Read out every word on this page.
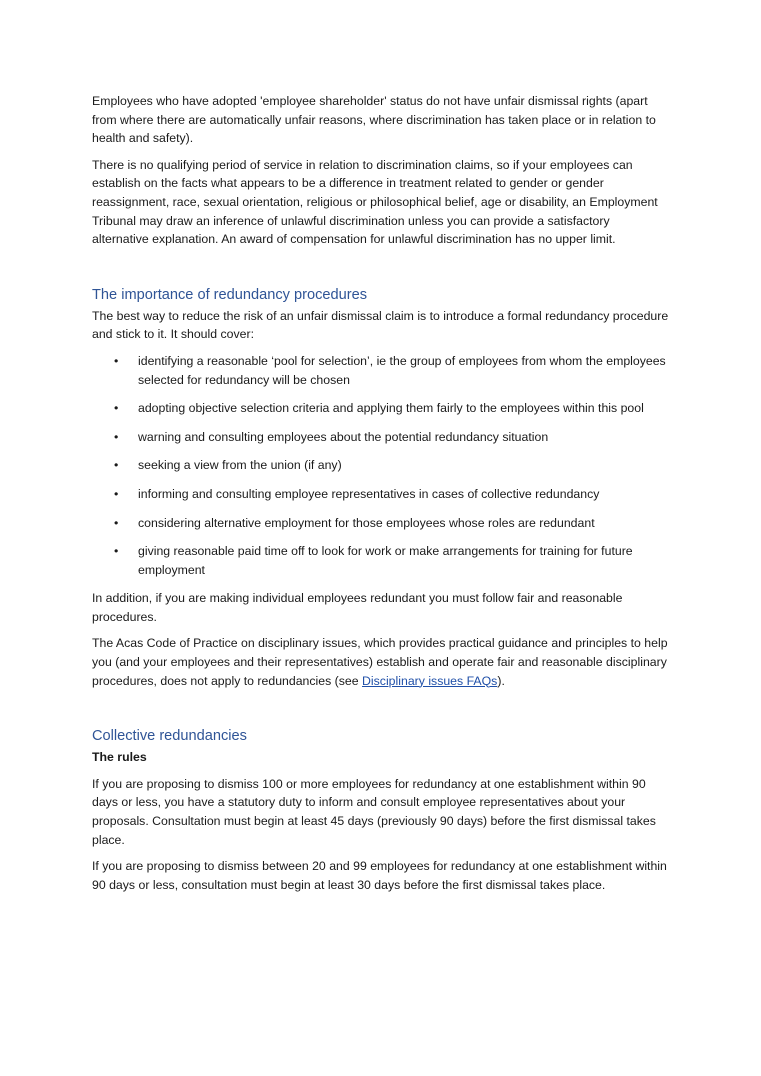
Employees who have adopted 'employee shareholder' status do not have unfair dismissal rights (apart from where there are automatically unfair reasons, where discrimination has taken place or in relation to health and safety).

There is no qualifying period of service in relation to discrimination claims, so if your employees can establish on the facts what appears to be a difference in treatment related to gender or gender reassignment, race, sexual orientation, religious or philosophical belief, age or disability, an Employment Tribunal may draw an inference of unlawful discrimination unless you can provide a satisfactory alternative explanation. An award of compensation for unlawful discrimination has no upper limit.

The importance of redundancy procedures

The best way to reduce the risk of an unfair dismissal claim is to introduce a formal redundancy procedure and stick to it. It should cover:

• identifying a reasonable ‘pool for selection’, ie the group of employees from whom the employees selected for redundancy will be chosen
• adopting objective selection criteria and applying them fairly to the employees within this pool
• warning and consulting employees about the potential redundancy situation
• seeking a view from the union (if any)
• informing and consulting employee representatives in cases of collective redundancy
• considering alternative employment for those employees whose roles are redundant
• giving reasonable paid time off to look for work or make arrangements for training for future employment

In addition, if you are making individual employees redundant you must follow fair and reasonable procedures.

The Acas Code of Practice on disciplinary issues, which provides practical guidance and principles to help you (and your employees and their representatives) establish and operate fair and reasonable disciplinary procedures, does not apply to redundancies (see Disciplinary issues FAQs).

Collective redundancies
The rules

If you are proposing to dismiss 100 or more employees for redundancy at one establishment within 90 days or less, you have a statutory duty to inform and consult employee representatives about your proposals. Consultation must begin at least 45 days (previously 90 days) before the first dismissal takes place.

If you are proposing to dismiss between 20 and 99 employees for redundancy at one establishment within 90 days or less, consultation must begin at least 30 days before the first dismissal takes place.
